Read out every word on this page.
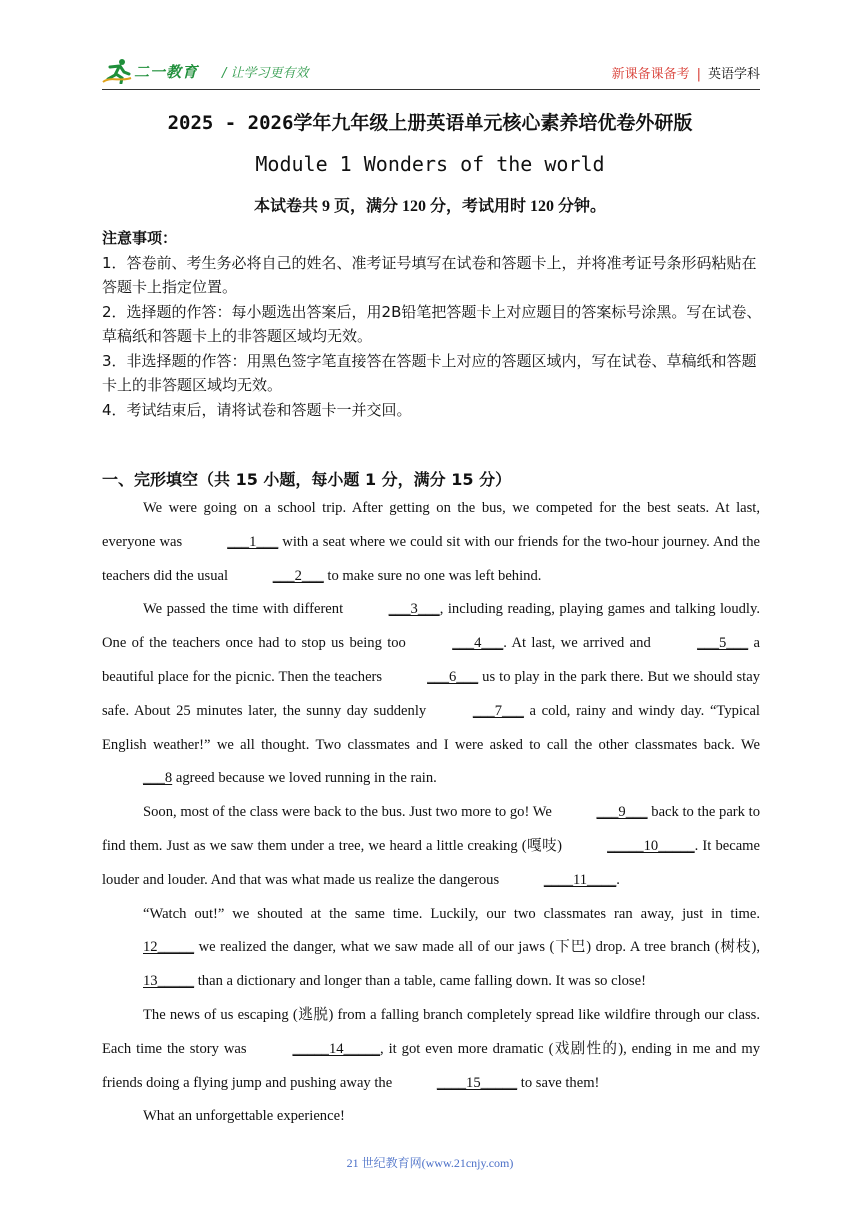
二一教育 / 让学习更有效	新课备课备考 | 英语学科
2025 - 2026学年九年级上册英语单元核心素养培优卷外研版
Module 1 Wonders of the world
本试卷共 9 页，满分 120 分，考试用时 120 分钟。

注意事项：

1．答卷前、考生务必将自己的姓名、准考证号填写在试卷和答题卡上，并将准考证号条形码粘贴在答题卡上指定位置。

2．选择题的作答：每小题选出答案后，用2B铅笔把答题卡上对应题目的答案标号涂黑。写在试卷、草稿纸和答题卡上的非答题区域均无效。

3．非选择题的作答：用黑色签字笔直接答在答题卡上对应的答题区域内，写在试卷、草稿纸和答题卡上的非答题区域均无效。

4．考试结束后，请将试卷和答题卡一并交回。

一、完形填空（共 15 小题，每小题 1 分，满分 15 分）

We were going on a school trip. After getting on the bus, we competed for the best seats. At last, everyone was	___1___ with a seat where we could sit with our friends for the two-hour journey. And the teachers did the usual	___2___ to make sure no one was left behind.

We passed the time with different	___3___, including reading, playing games and talking loudly. One of the teachers once had to stop us being too	___4___. At last, we arrived and	___5___ a beautiful place for the picnic. Then the teachers	___6___ us to play in the park there. But we should stay safe. About 25 minutes later, the sunny day suddenly	___7___ a cold, rainy and windy day. “Typical English weather!” we all thought. Two classmates and I were asked to call the other classmates back. We ___8 agreed because we loved running in the rain.

Soon, most of the class were back to the bus. Just two more to go! We	___9___ back to the park to find them. Just as we saw them under a tree, we heard a little creaking (嘎吱)	_____10_____. It became louder and louder. And that was what made us realize the dangerous	____11____.

“Watch out!” we shouted at the same time. Luckily, our two classmates ran away, just in time. 12_____ we realized the danger, what we saw made all of our jaws (下巴) drop. A tree branch (树枝), 13_____ than a dictionary and longer than a table, came falling down. It was so close!

The news of us escaping (逃脱) from a falling branch completely spread like wildfire through our class. Each time the story was	_____14_____, it got even more dramatic (戏剧性的), ending in me and my friends doing a flying jump and pushing away the	____15_____ to save them!

What an unforgettable experience!

21 世纪教育网(www.21cnjy.com)
